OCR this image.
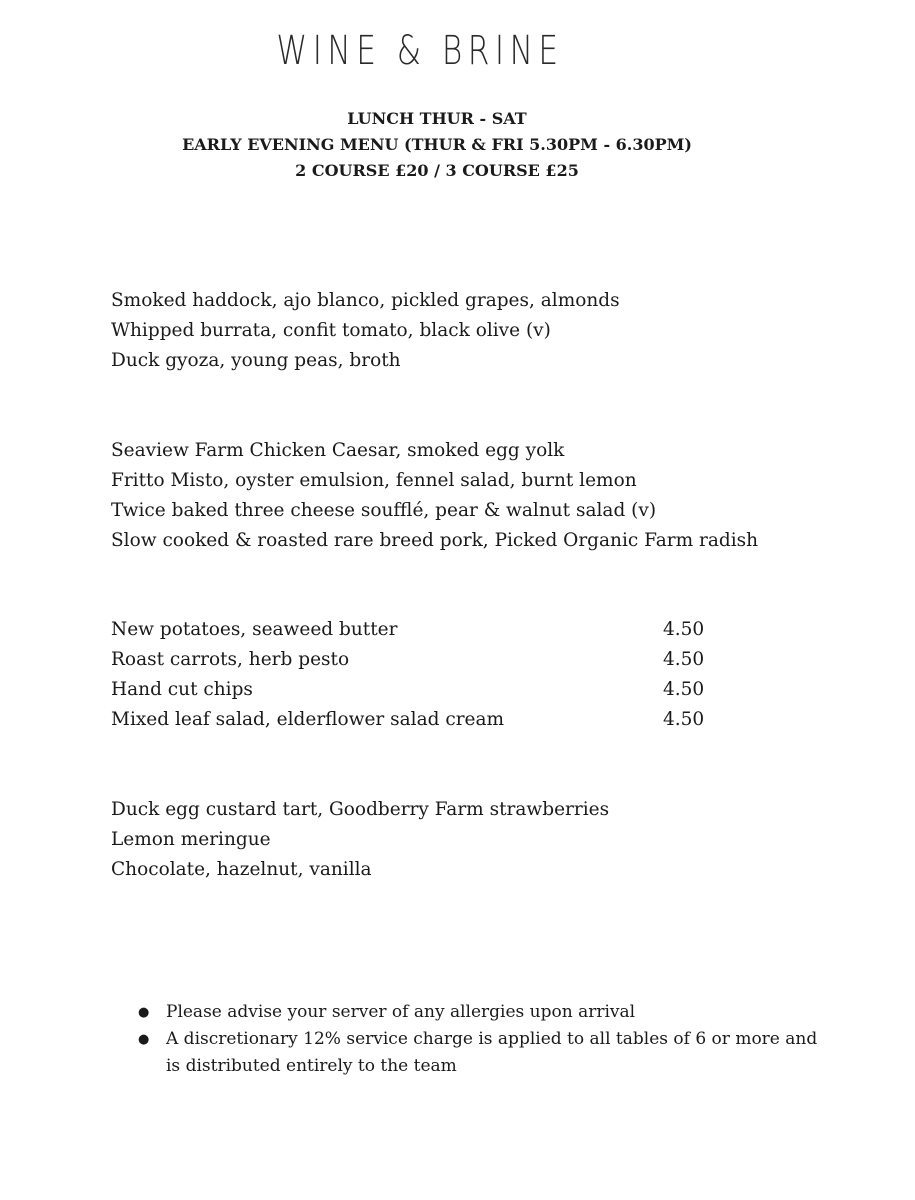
WINE & BRINE
LUNCH THUR - SAT
EARLY EVENING MENU (THUR & FRI 5.30PM - 6.30PM)
2 COURSE £20 / 3 COURSE £25
Smoked haddock, ajo blanco, pickled grapes, almonds
Whipped burrata, confit tomato, black olive (v)
Duck gyoza, young peas, broth
Seaview Farm Chicken Caesar, smoked egg yolk
Fritto Misto, oyster emulsion, fennel salad, burnt lemon
Twice baked three cheese soufflé, pear & walnut salad (v)
Slow cooked & roasted rare breed pork, Picked Organic Farm radish
New potatoes, seaweed butter	4.50
Roast carrots, herb pesto	4.50
Hand cut chips	4.50
Mixed leaf salad, elderflower salad cream	4.50
Duck egg custard tart, Goodberry Farm strawberries
Lemon meringue
Chocolate, hazelnut, vanilla
● Please advise your server of any allergies upon arrival
● A discretionary 12% service charge is applied to all tables of 6 or more and is distributed entirely to the team
